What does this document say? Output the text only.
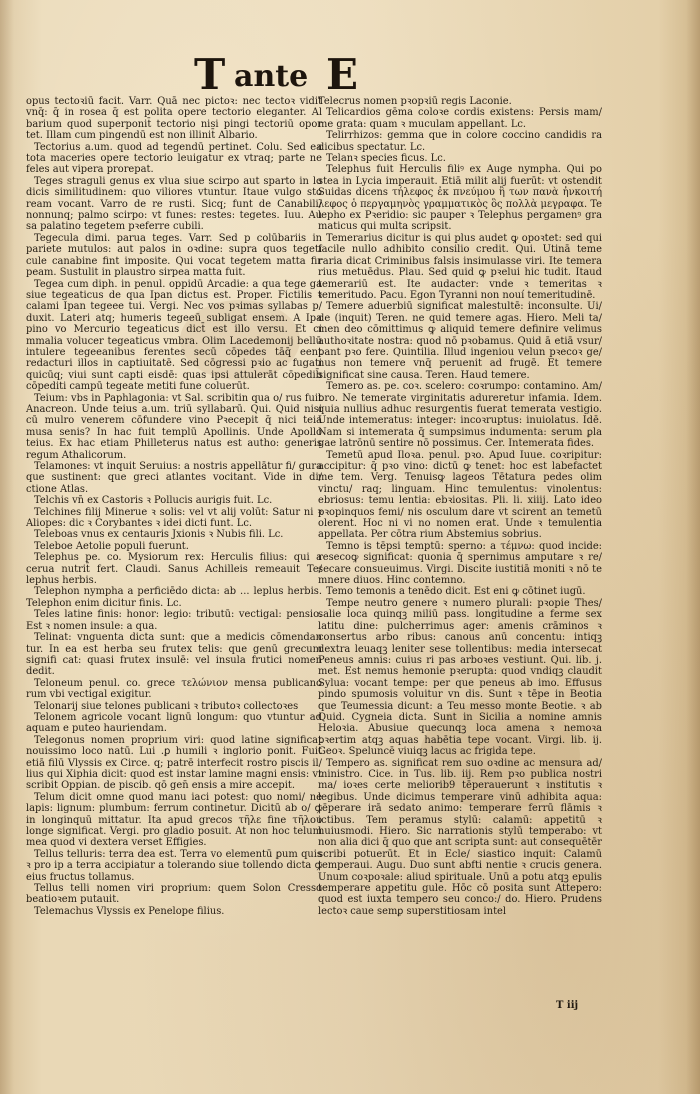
T ante E

opus tectoꝛiū facit. Varr. Quā nec pictoꝛ: nec tectoꝛ vidit vnq̄: q̄ in rosea q̄ est polita opere tectorio eleganter. Al barium quod superponit̄ tectorio nisi pingi tectoriū opor tet. Illam cum pingendū est non illinit̄ Albario.

Tectorius a.um. quod ad tegendū pertinet. Colu. Sed ea tota maceries opere tectorio leuigatur ex vtraq; parte ne feles aut vipera prorepat.

Teges straguli genus ex vlua siue scirpo aut sparto in lo dicis similitudinem: quo viliores vtuntur. Itaue vulgo sto ream vocant. Varro de re rusti. Sicq; funt de Canabili/ nonnunq; palmo scirpo: vt funes: restes: tegetes. Iuu. Au sa palatino tegetem pꝛeferre cubili.

Tegecula dimi. parua teges. Varr. Sed p colūbariis in pariete mutulos: aut palos in oꝛdine: supra quos tegeti cule canabine fint imposite. Qui vocat tegetem matta fir peam. Sustulit in plaustro sirpea matta fuit.

Tegea cum diph. in penul. oppidū Arcadie: a qua tege ga siue tegeaticus de qua Ipan dictus est. Proper. Fictilis ꝛ calami Ipan tegeee tui. Vergi. Nec vos pꝛimas syllabas p/ duxit. Lateri atq; humeris tegeeū subligat ensem. A Ipa pino vo Mercurio tegeaticus dict̄ est illo versu. Et ci mmalia volucer tegeaticus vmbra. Olim Lacedemonij bellū intulere tegeeanibus ferentes secū cōpedes tāq̄ eent redacturi illos in captiuitatē. Sed cōgressi pꝛio ac fugati quicūq; viui sunt capti eisdē: quas ipsi attulerāt cōpedib̄ cōpediti campū tegeate metiti fune coluerūt.

Teium: vbs in Paphlagonia: vt Sal. scribitin qua o/ rus fuit Anacreon. Unde teius a.um. triū syllabarū. Qui. Quid nisi cū mulro venerem cōfundere vino Pꝛecepit q̄ nici teia musa senis? In hac fuit templū Apollinis. Unde Apollo teius. Ex hac etiam Philleterus natus est autho: generis regum Athalicorum.

Telamones: vt inquit Seruius: a nostris appellātur fi/ gura que sustinent: que greci atlantes vocitant. Vide in di/ ctione Atlas.

Telchis vn̄ ex Castoris ꝛ Pollucis aurigis fuit. Lc.

Telchines filij Minerue ꝛ solis: vel vt alij volūt: Satur ni ꝛ Aliopes: dic ꝛ Corybantes ꝛ idei dicti funt. Lc.

Teleboas vnus ex centauris Jxionis ꝛ Nubis fili. Lc.

Teleboe Aetolie populi fuerunt.

Telephus pe. co. Mysiorum rex: Herculis filius: qui a cerua nutrit̄ fert. Claudi. Sanus Achilleis remeauit Te/ lephus herbis.

Telephon nympha a perficiēdo dicta: ab ... leplus herbis. Telephon enim dicitur finis. Lc.

Teles latine finis: honor: legio: tributū: vectigal: pensio. Est ꝛ nomen insule: a qua.

Telinat: vnguenta dicta sunt: que a medicis cōmendan tur. In ea est herba seu frutex telis: que genū grecum signifi cat: quasi frutex insulē: vel insula frutici nomen dedit.

Teloneum penul. co. grece τελώνιον mensa publicano rum vbi vectigal exigitur.

Telonarij siue telones publicani ꝛ tributoꝛ collectoꝛes

Telonem agricole vocant lignū longum: quo vtuntur ad aquam e puteo hauriendam.

Telegonus nomen proprium viri: quod latine significat nouissimo loco natū. Lui .ꝑ humili ꝛ inglorio ponit. Fuit etiā filū Vlyssis ex Circe. q; patrē interfecit rostro piscis il/ lius qui Xiphia dicit: quod est instar lamine magni ensis: vt scribit Oppian. de piscib. qō gen̄ ensis a mire accepit.

Telum dicit omne quod manu iaci potest: quo nomi/ ne lapis: lignum: plumbum: ferrum continetur. Dicitū ab o/ ꝙ in longinquū mittatur. Ita apud grecos τῆλε fine τῆλου longe significat. Vergi. pro gladio posuit. At non hoc telum mea quod vi dextera verset Effigies.

Tellus telluris: terra dea est. Terra vo elementū ꝑum quis ꝛ pro ip a terra accipiatur a tolerando siue tollendo dicta ꝙ eius fructus tollamus.

Tellus telli nomen viri proprium: quem Solon Cresso beatioꝛem putauit.

Telemachus Vlyssis ex Penelope filius.

Telecrus nomen pꝛopꝛiū regis Laconie.

Telicardios gēma coloꝛe cordis existens: Persis mam/ me grata: quam ꝛ muculam appellant. Lc.

Telirrhizos: gemma que in colore coccino candidis ra dicibus spectatur. Lc.

Telanꝛ species ficus. Lc.

Telephus fuit Herculis filiꝰ ex Auge nympha. Qui po stea in Lycia imperauit. Etiā milit alij fuerūt: vt ostendit Suidas dicens τήλεφος ἐκ πνεύμου ἢ των πανὰ ἠνκοιτή λεφος ὁ περγαμηνὸς γραμματικὸς ὃς πολλὰ μεγραφα. Te lepho ex Pꝛeridio: sic pauper ꝛ Telephus pergamenꝰ gra maticus qui multa scripsit.

Temerarius dicitur is qui plus audet ꝙ opoꝛtet: sed qui facile nullo adhibito consilio credit. Qui. Utinā teme raria dicat Criminibus falsis insimulasse viri. Ite temera rius metuēdus. Plau. Sed quid ꝙ pꝛelui hic tudit. Itaud temerariū est. Ite audacter: vnde ꝛ temeritas ꝛ temeritudo. Pacu. Egon Tyranni non nouí temeritudinē.

Temere aduerbiū significat malestultē: inconsulte. Ui/ de (inquit) Teren. ne quid temere agas. Hiero. Meli ta/ men deo cōmittimus ꝙ aliquid temere definire velimus authoꝛitate nostra: quod nō pꝛobamus. Quid ā etiā vsur/ pant pꝛo fere. Quintilia. Illud ingeniou velun pꝛecoꝛ ge/ nus non temere vnq̄ peruenit ad frugē. Et temere significat sine causa. Teren. Haud temere.

Temero as. pe. coꝛ. scelero: coꝛrumpo: contamino. Am/ bro. Ne temerate virginitatis adureretur infamia. Idem. quia nullius adhuc resurgentis fuerat temerata vestigio. Unde intemeratus: integer: incoꝛruptus: inuiolatus. Idē. Nam si intemerata q̄ sumpsimus indumenta: serum ꝑla gae latrōnū sentire nō possimus. Cer. Intemerata fides.

Temetū apud Iloꝛa. penul. pꝛo. Apud Iuue. coꝛripitur: accipitur: q̄ pꝛo vino: dictū ꝙ tenet: hoc est labefactet me tem. Verg. Tenuisꝙ lageos Tētatura pedes olim vinctu/ raq; linguam. Hinc temulentus: vinolentus: ebriosus: temu lentia: ebꝛiositas. Pli. li. xiiij. Lato ideo pꝛopinquos femi/ nis osculum dare vt scirent an temetū olerent. Hoc ni vi no nomen erat. Unde ꝛ temulentia appellata. Per cōtra rium Abstemius sobrius.

Temno is tēpsi temptū: sperno: a τέμνω: quod incide: resecoꝙ significat: quonia q̄ spernimus amputare ꝛ re/ secare consueuimus. Virgi. Discite iustitiā moniti ꝛ nō te mnere diuos. Hinc contemno.

Temo temonis a tenēdo dicit. Est eni ꝙ cōtinet iugū.

Tempe neutro genere ꝛ numero plurali: pꝛopie Thes/ salie loca quinqꝫ miliū pass. longitudine a ferme sex latitu dine: pulcherrimus ager: amenis crāminos ꝛ consertus arbo ribus: canous anū concentu: intiqꝫ dextra leuaqꝫ leniter sese tollentibus: media intersecat Peneus amnis: cuius ri pas arboꝛes vestiunt. Qui. lib. j. met. Est nemus hemonie pꝛerupta: quod vndiqꝫ claudit Sylua: vocant tempe: per que peneus ab imo. Effusus pindo spumosis voluitur vn dis. Sunt ꝛ tēpe in Beotia que Teumessia dicunt: a Teu messo monte Beotie. ꝛ ab Quid. Cygneia dicta. Sunt in Sicilia a nomine amnis Heloꝛia. Abusiue quecunqꝫ loca amena ꝛ nemoꝛa pꝛertim atqꝫ aquas habētia tepe vocant. Virgi. lib. ij. Geoꝛ. Speluncē viuiqꝫ lacus ac frigida tepe.

Tempero as. significat rem suo oꝛdine ac mensura ad/ ministro. Cice. in Tus. lib. iij. Rem pꝛo publica nostri ma/ ioꝛes certe meliorib9 tēperauerunt ꝛ institutis ꝛ legibus. Unde dicimus temperare vinū adhibita aqua: tēperare irā sedato animo: temperare ferrū flāmis ꝛ ictibus. Tem peramus stylū: calamū: appetitū ꝛ huiusmodi. Hiero. Sic narrationis stylū temperabo: vt non alia dici q̄ quo que ant scripta sunt: aut consequētēr scribi potuerūt. Et in Ecle/ siastico inquit: Calamū temperaui. Augu. Duo sunt abfti nentie ꝛ crucis genera. Unum coꝛpoꝛale: aliud spirituale. Unū a potu atqꝫ epulis temperare appetitu gule. Hōc cō posita sunt Attepero: quod est iuxta tempero seu conco:/ do. Hiero. Prudens lectoꝛ caue semꝑ superstitiosam intel

T iij
